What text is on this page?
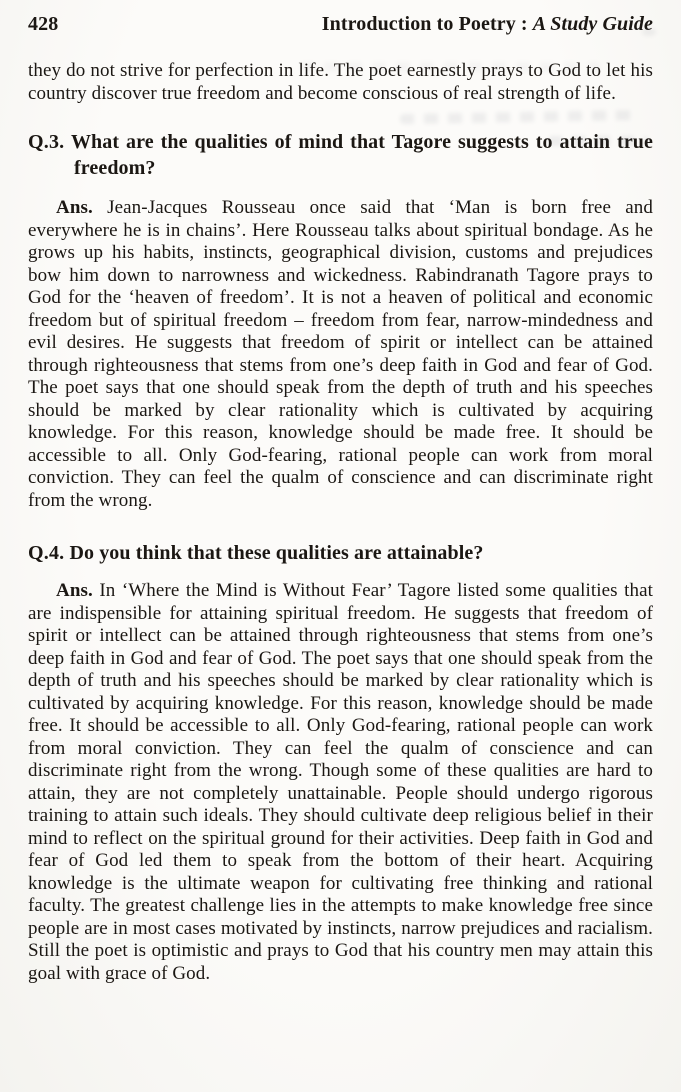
428	Introduction to Poetry : A Study Guide

they do not strive for perfection in life. The poet earnestly prays to God to let his country discover true freedom and become conscious of real strength of life.

Q.3. What are the qualities of mind that Tagore suggests to attain true freedom?

Ans. Jean-Jacques Rousseau once said that ‘Man is born free and everywhere he is in chains’. Here Rousseau talks about spiritual bondage. As he grows up his habits, instincts, geographical division, customs and prejudices bow him down to narrowness and wickedness. Rabindranath Tagore prays to God for the ‘heaven of freedom’. It is not a heaven of political and economic freedom but of spiritual freedom – freedom from fear, narrow-mindedness and evil desires. He suggests that freedom of spirit or intellect can be attained through righteousness that stems from one’s deep faith in God and fear of God. The poet says that one should speak from the depth of truth and his speeches should be marked by clear rationality which is cultivated by acquiring knowledge. For this reason, knowledge should be made free. It should be accessible to all. Only God-fearing, rational people can work from moral conviction. They can feel the qualm of conscience and can discriminate right from the wrong.

Q.4. Do you think that these qualities are attainable?

Ans. In ‘Where the Mind is Without Fear’ Tagore listed some qualities that are indispensible for attaining spiritual freedom. He suggests that freedom of spirit or intellect can be attained through righteousness that stems from one’s deep faith in God and fear of God. The poet says that one should speak from the depth of truth and his speeches should be marked by clear rationality which is cultivated by acquiring knowledge. For this reason, knowledge should be made free. It should be accessible to all. Only God-fearing, rational people can work from moral conviction. They can feel the qualm of conscience and can discriminate right from the wrong. Though some of these qualities are hard to attain, they are not completely unattainable. People should undergo rigorous training to attain such ideals. They should cultivate deep religious belief in their mind to reflect on the spiritual ground for their activities. Deep faith in God and fear of God led them to speak from the bottom of their heart. Acquiring knowledge is the ultimate weapon for cultivating free thinking and rational faculty. The greatest challenge lies in the attempts to make knowledge free since people are in most cases motivated by instincts, narrow prejudices and racialism. Still the poet is optimistic and prays to God that his country men may attain this goal with grace of God.
